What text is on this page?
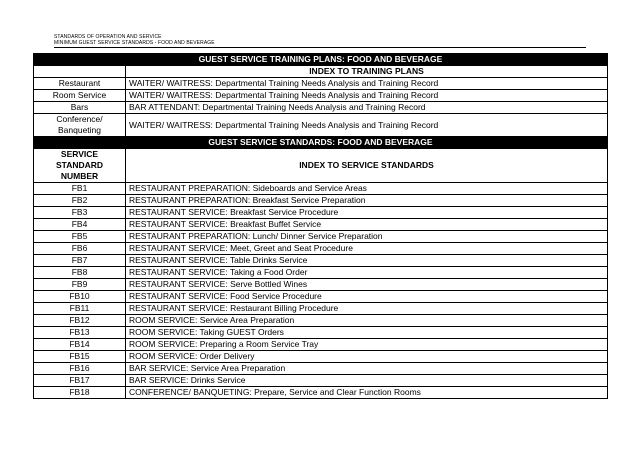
STANDARDS OF OPERATION AND SERVICE
MINIMUM GUEST SERVICE STANDARDS - FOOD AND BEVERAGE
GUEST SERVICE TRAINING PLANS: FOOD AND BEVERAGE	
	INDEX TO TRAINING PLANS
Restaurant	WAITER/ WAITRESS: Departmental Training Needs Analysis and Training Record
Room Service	WAITER/ WAITRESS: Departmental Training Needs Analysis and Training Record
Bars	BAR ATTENDANT: Departmental Training Needs Analysis and Training Record
Conference/ Banqueting	WAITER/ WAITRESS: Departmental Training Needs Analysis and Training Record
GUEST SERVICE STANDARDS: FOOD AND BEVERAGE	
SERVICE STANDARD NUMBER	INDEX TO SERVICE STANDARDS
FB1	RESTAURANT PREPARATION: Sideboards and Service Areas
FB2	RESTAURANT PREPARATION: Breakfast Service Preparation
FB3	RESTAURANT SERVICE: Breakfast Service Procedure
FB4	RESTAURANT SERVICE: Breakfast Buffet Service
FB5	RESTAURANT PREPARATION: Lunch/ Dinner Service Preparation
FB6	RESTAURANT SERVICE: Meet, Greet and Seat Procedure
FB7	RESTAURANT SERVICE: Table Drinks Service
FB8	RESTAURANT SERVICE: Taking a Food Order
FB9	RESTAURANT SERVICE: Serve Bottled Wines
FB10	RESTAURANT SERVICE: Food Service Procedure
FB11	RESTAURANT SERVICE: Restaurant Billing Procedure
FB12	ROOM SERVICE: Service Area Preparation
FB13	ROOM SERVICE: Taking GUEST Orders
FB14	ROOM SERVICE: Preparing a Room Service Tray
FB15	ROOM SERVICE: Order Delivery
FB16	BAR SERVICE: Service Area Preparation
FB17	BAR SERVICE: Drinks Service
FB18	CONFERENCE/ BANQUETING: Prepare, Service and Clear Function Rooms
